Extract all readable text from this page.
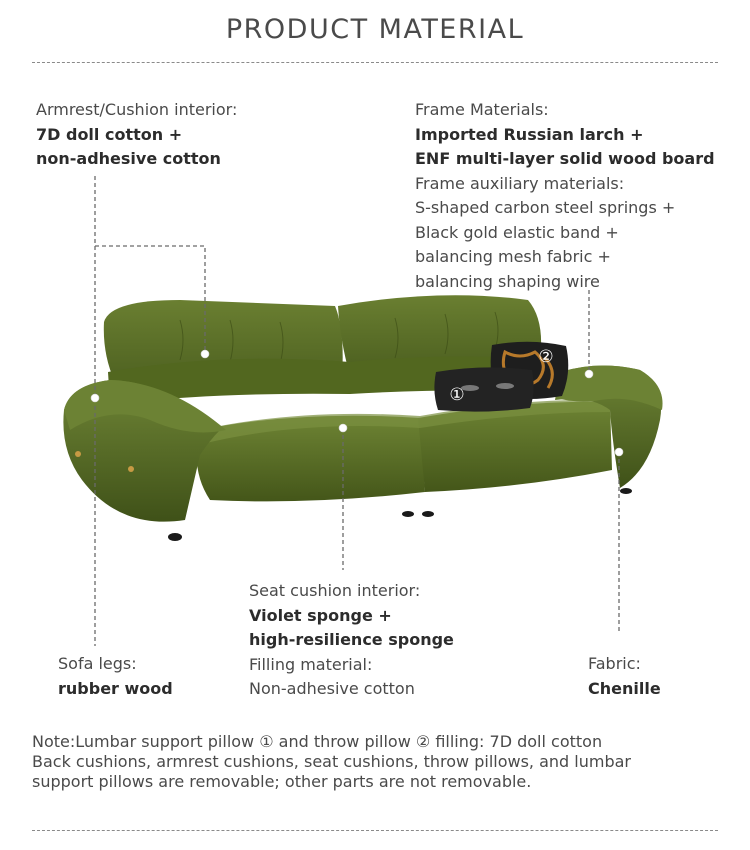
PRODUCT MATERIAL
Armrest/Cushion interior:
7D doll cotton +
non-adhesive cotton
Frame Materials:
Imported Russian larch +
ENF multi-layer solid wood board
Frame auxiliary materials:
S-shaped carbon steel springs +
Black gold elastic band +
balancing mesh fabric +
balancing shaping wire
②
①
Seat cushion interior:
Violet sponge +
high-resilience sponge
Filling material:
Non-adhesive cotton
Sofa legs:
rubber wood
Fabric:
Chenille
Note:Lumbar support pillow ① and throw pillow ② filling: 7D doll cotton
Back cushions, armrest cushions, seat cushions, throw pillows, and lumbar
support pillows are removable; other parts are not removable.
